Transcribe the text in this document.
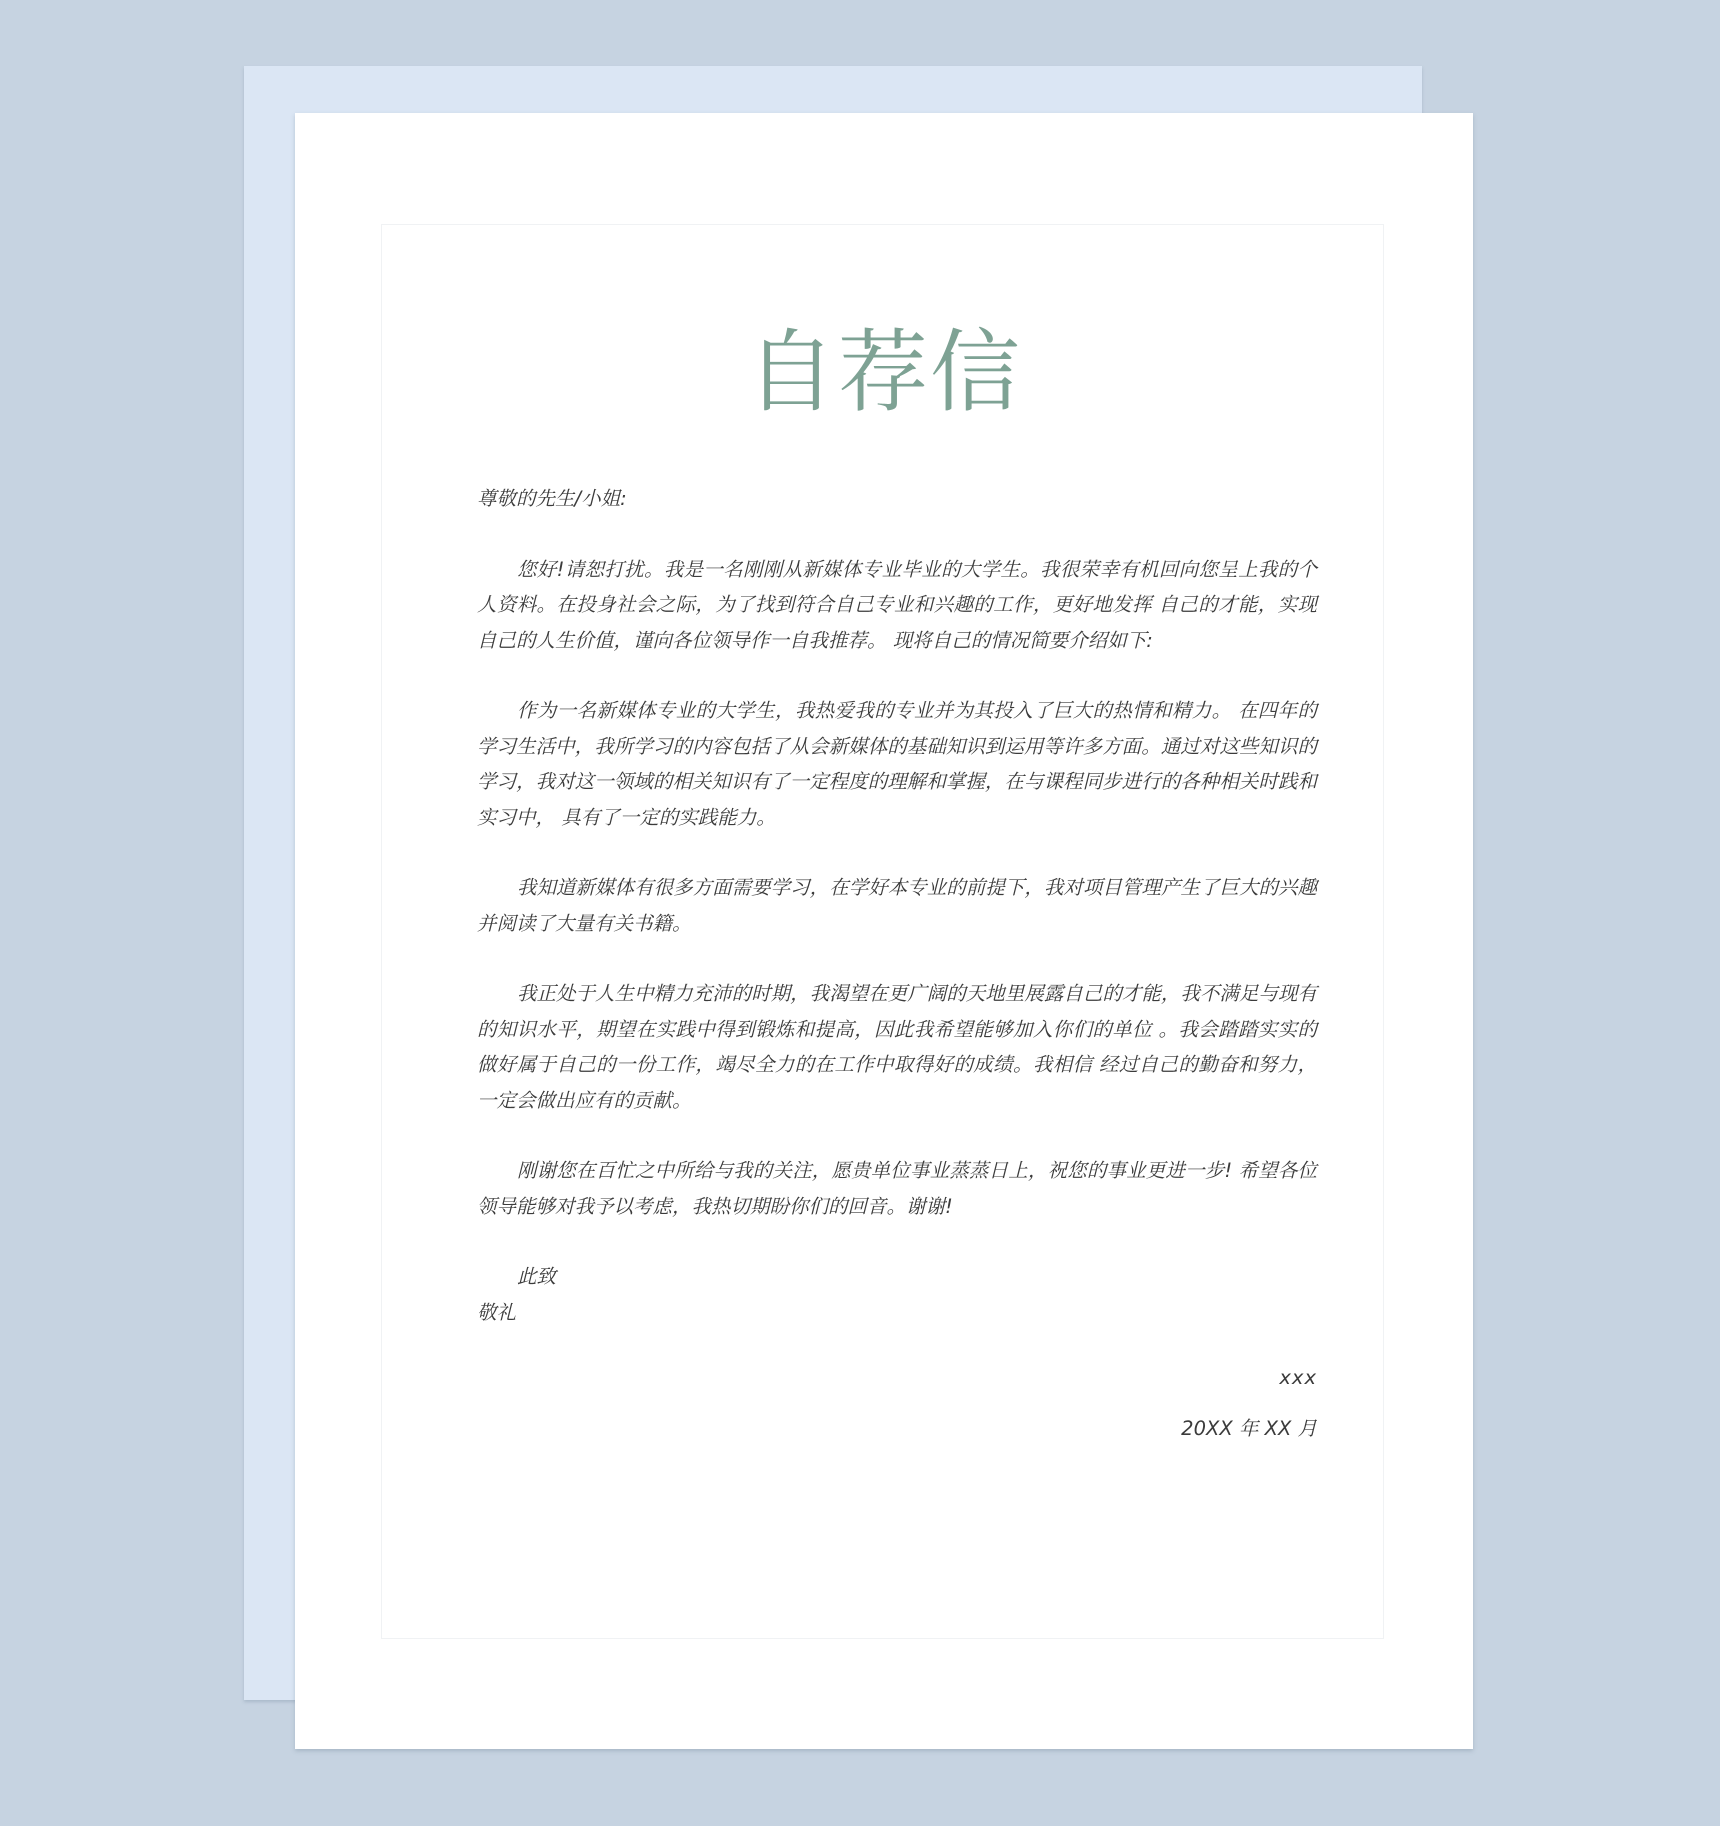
自荐信

尊敬的先生/小姐:

您好!请恕打扰。我是一名刚刚从新媒体专业毕业的大学生。我很荣幸有机回向您呈上我的个人资料。在投身社会之际，为了找到符合自己专业和兴趣的工作，更好地发挥 自己的才能，实现自己的人生价值，谨向各位领导作一自我推荐。 现将自己的情况简要介绍如下:

作为一名新媒体专业的大学生，我热爱我的专业并为其投入了巨大的热情和精力。 在四年的学习生活中，我所学习的内容包括了从会新媒体的基础知识到运用等许多方面。通过对这些知识的学习，我对这一领域的相关知识有了一定程度的理解和掌握，在与课程同步进行的各种相关时践和实习中， 具有了一定的实践能力。

我知道新媒体有很多方面需要学习，在学好本专业的前提下，我对项目管理产生了巨大的兴趣并阅读了大量有关书籍。

我正处于人生中精力充沛的时期，我渴望在更广阔的天地里展露自己的才能，我不满足与现有的知识水平，期望在实践中得到锻炼和提高，因此我希望能够加入你们的单位 。我会踏踏实实的做好属于自己的一份工作，竭尽全力的在工作中取得好的成绩。我相信 经过自己的勤奋和努力，一定会做出应有的贡献。

刚谢您在百忙之中所给与我的关注，愿贵单位事业蒸蒸日上，祝您的事业更进一步! 希望各位领导能够对我予以考虑，我热切期盼你们的回音。谢谢!

此致

敬礼

xxx

20XX 年 XX 月
